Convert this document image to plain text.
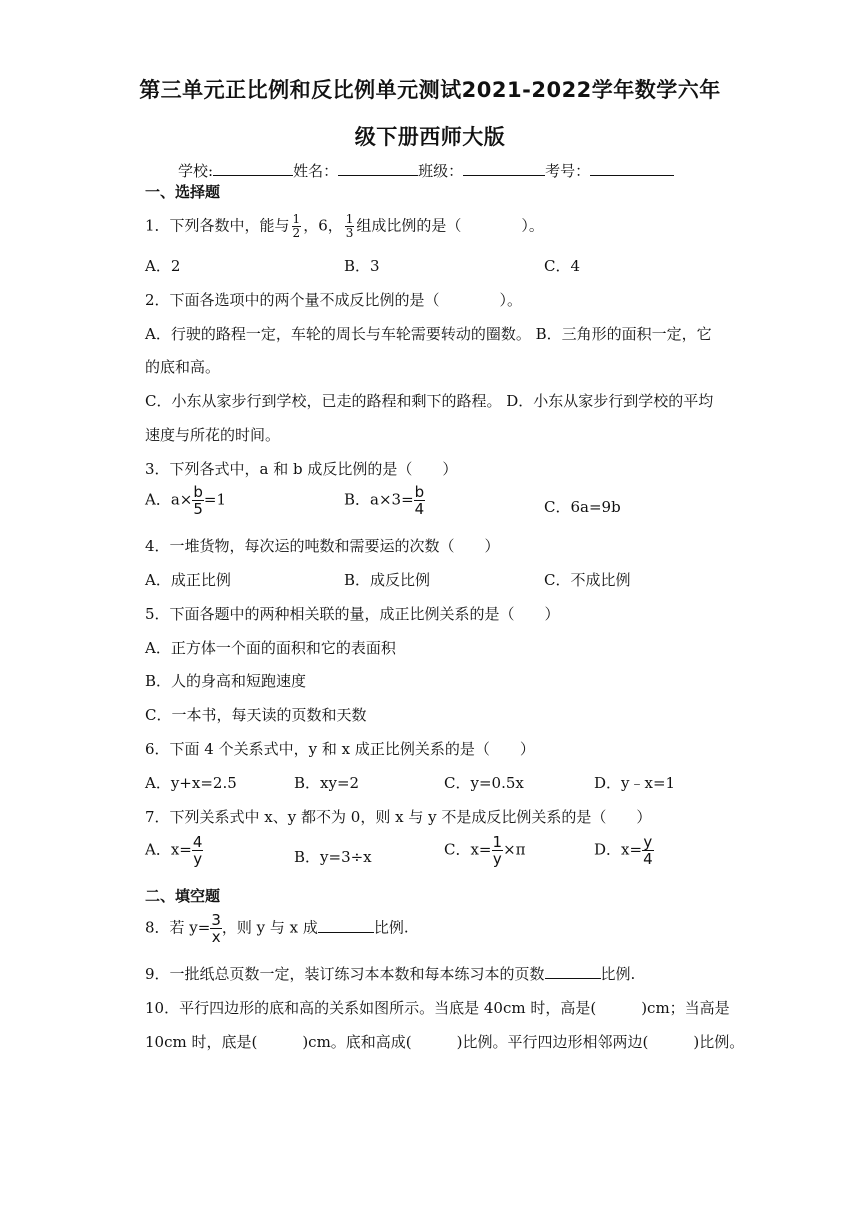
第三单元正比例和反比例单元测试2021-2022学年数学六年
级下册西师大版
学校:	姓名：	班级：	考号：
一、选择题
1．下列各数中，能与 $\frac{1}{2}$ ，6， $\frac{1}{3}$ 组成比例的是（　　　　）。
A．2	B．3	C．4
2．下面各选项中的两个量不成反比例的是（　　　　）。
A．行驶的路程一定，车轮的周长与车轮需要转动的圈数。 B．三角形的面积一定，它
的底和高。
C．小东从家步行到学校，已走的路程和剩下的路程。 D．小东从家步行到学校的平均
速度与所花的时间。
3．下列各式中，a 和 b 成反比例的是（　　）
A．$a\times \frac{b}{5} =1$	B．$a\times 3= \frac{b}{4}$	C．6a=9b
4．一堆货物，每次运的吨数和需要运的次数（　　）
A．成正比例	B．成反比例	C．不成比例
5．下面各题中的两种相关联的量，成正比例关系的是（　　）
A．正方体一个面的面积和它的表面积
B．人的身高和短跑速度
C．一本书，每天读的页数和天数
6．下面 4 个关系式中，y 和 x 成正比例关系的是（　　）
A．y+x=2.5	B．xy=2	C．y=0.5x	D．y﹣x=1
7．下列关系式中 x、y 都不为 0，则 x 与 y 不是成反比例关系的是（　　）
A．$x= \frac{4}{y}$	B．y=3÷x	C．$x= \frac{1}{y} \times\pi$	D．$x= \frac{y}{4}$
二、填空题
8．若 $y= \frac{3}{x}$ ，则 y 与 x 成	比例.
9．一批纸总页数一定，装订练习本本数和每本练习本的页数	比例.
10．平行四边形的底和高的关系如图所示。当底是 40cm 时，高是(　　　)cm；当高是
10cm 时，底是(　　　)cm。底和高成(　　　)比例。平行四边形相邻两边(　　　)比例。
